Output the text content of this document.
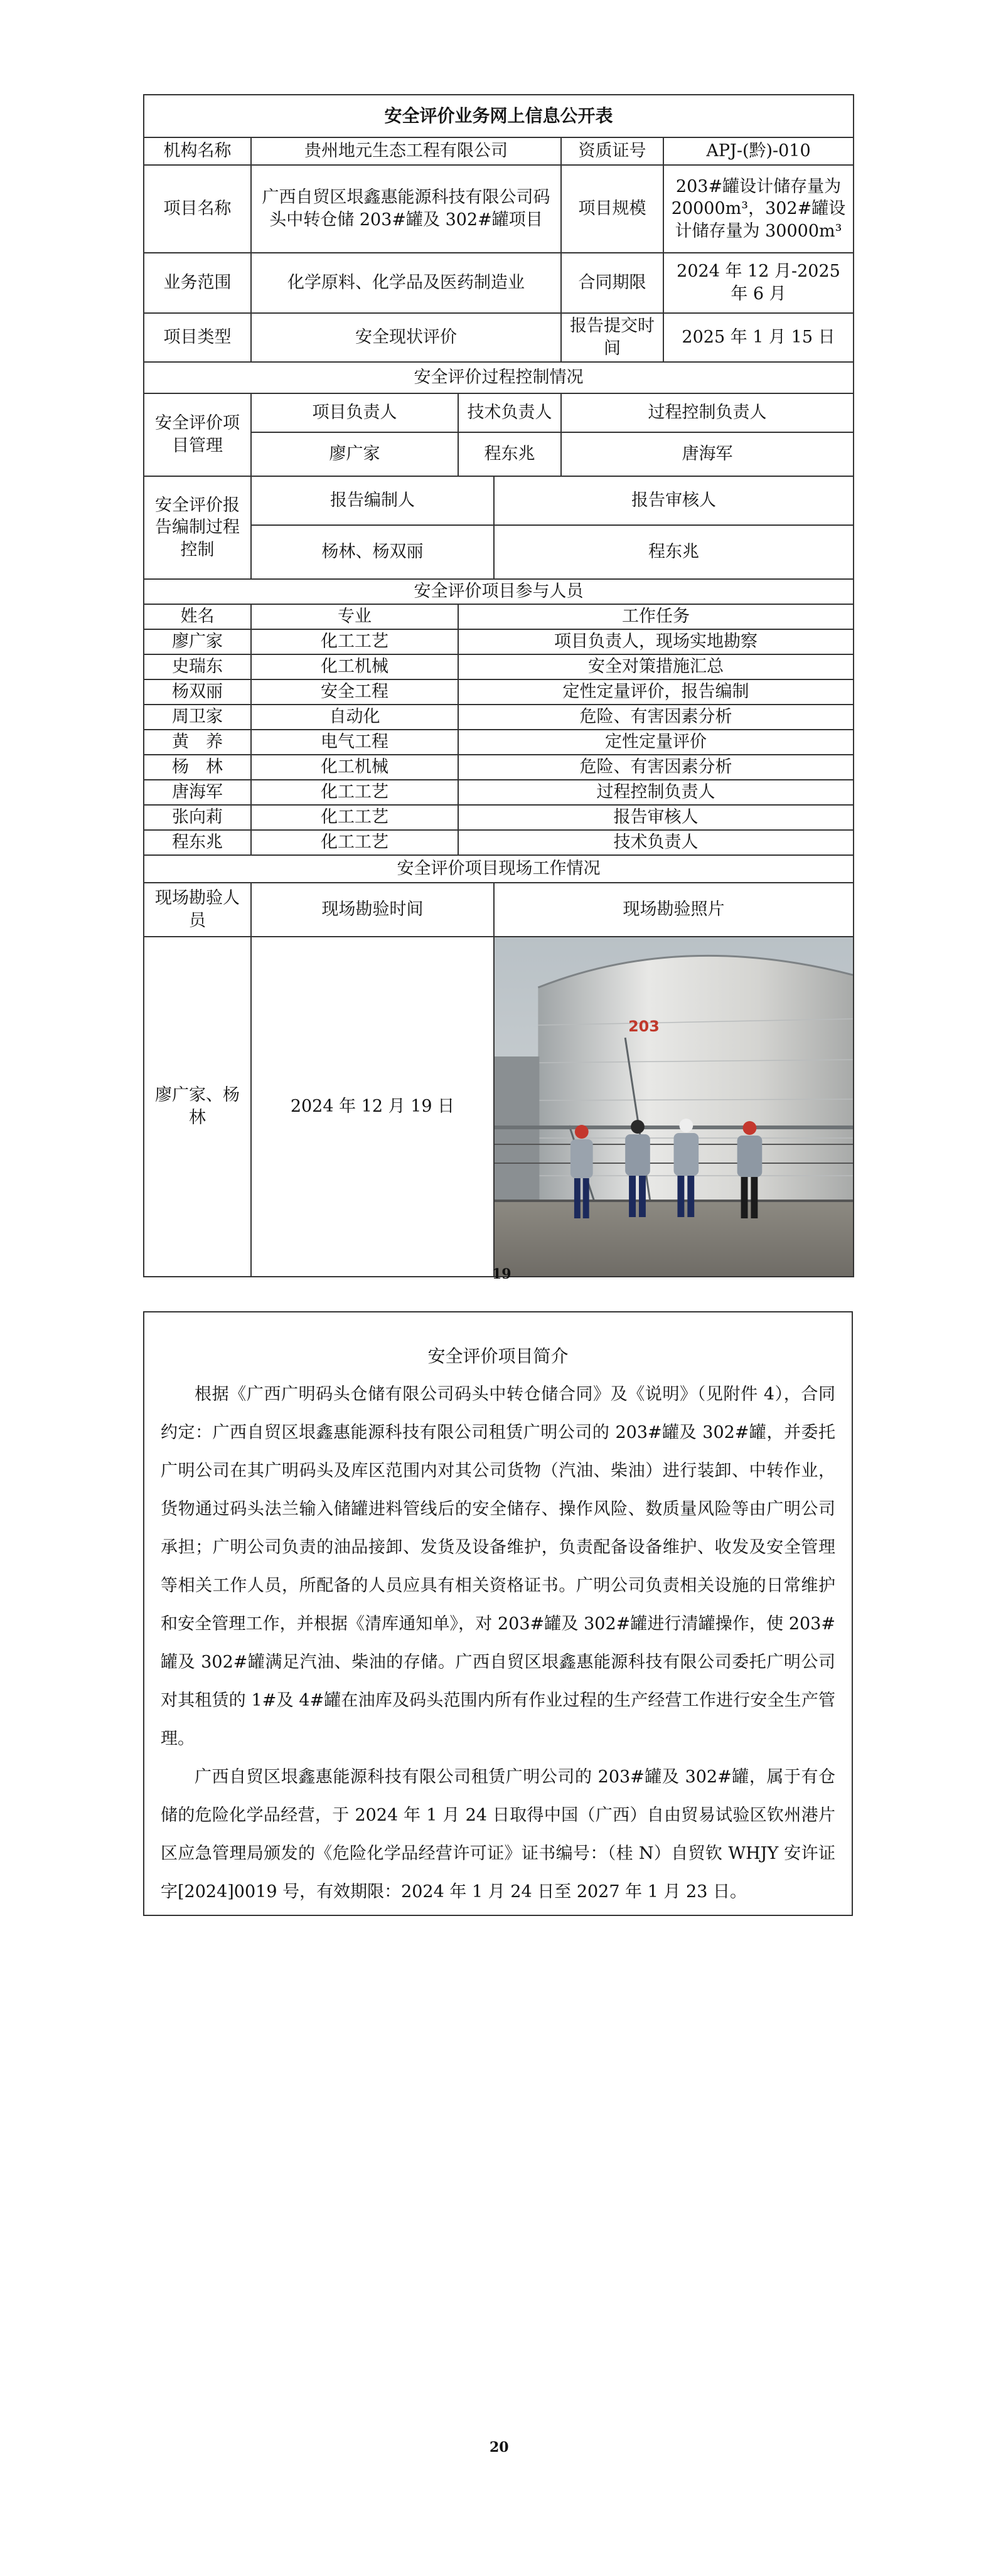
安全评价业务网上信息公开表					
机构名称	贵州地元生态工程有限公司			资质证号	APJ-(黔)-010
项目名称	广西自贸区垠鑫惠能源科技有限公司码头中转仓储 203#罐及 302#罐项目			项目规模	203#罐设计储存量为20000m³，302#罐设计储存量为 30000m³
业务范围	化学原料、化学品及医药制造业			合同期限	2024 年 12 月-2025 年 6 月
项目类型	安全现状评价			报告提交时间	2025 年 1 月 15 日
安全评价过程控制情况					
安全评价项目管理	项目负责人	技术负责人		过程控制负责人	
	廖广家	程东兆		唐海军	
安全评价报告编制过程控制	报告编制人		报告审核人		
	杨林、杨双丽		程东兆		
安全评价项目参与人员					
姓名	专业	工作任务			
廖广家	化工工艺	项目负责人，现场实地勘察			
史瑞东	化工机械	安全对策措施汇总			
杨双丽	安全工程	定性定量评价，报告编制			
周卫家	自动化	危险、有害因素分析			
黄　养	电气工程	定性定量评价			
杨　林	化工机械	危险、有害因素分析			
唐海军	化工工艺	过程控制负责人			
张向莉	化工工艺	报告审核人			
程东兆	化工工艺	技术负责人			
安全评价项目现场工作情况					
现场勘验人员	现场勘验时间		现场勘验照片		
廖广家、杨林	2024 年 12 月 19 日		203		
19
安全评价项目简介

根据《广西广明码头仓储有限公司码头中转仓储合同》及《说明》（见附件 4），合同约定：广西自贸区垠鑫惠能源科技有限公司租赁广明公司的 203#罐及 302#罐，并委托广明公司在其广明码头及库区范围内对其公司货物（汽油、柴油）进行装卸、中转作业，货物通过码头法兰输入储罐进料管线后的安全储存、操作风险、数质量风险等由广明公司承担；广明公司负责的油品接卸、发货及设备维护，负责配备设备维护、收发及安全管理等相关工作人员，所配备的人员应具有相关资格证书。广明公司负责相关设施的日常维护和安全管理工作，并根据《清库通知单》，对 203#罐及 302#罐进行清罐操作，使 203#罐及 302#罐满足汽油、柴油的存储。广西自贸区垠鑫惠能源科技有限公司委托广明公司对其租赁的 1#及 4#罐在油库及码头范围内所有作业过程的生产经营工作进行安全生产管理。

广西自贸区垠鑫惠能源科技有限公司租赁广明公司的 203#罐及 302#罐，属于有仓储的危险化学品经营，于 2024 年 1 月 24 日取得中国（广西）自由贸易试验区钦州港片区应急管理局颁发的《危险化学品经营许可证》证书编号：（桂 N）自贸钦 WHJY 安许证字[2024]0019 号，有效期限：2024 年 1 月 24 日至 2027 年 1 月 23 日。

20
